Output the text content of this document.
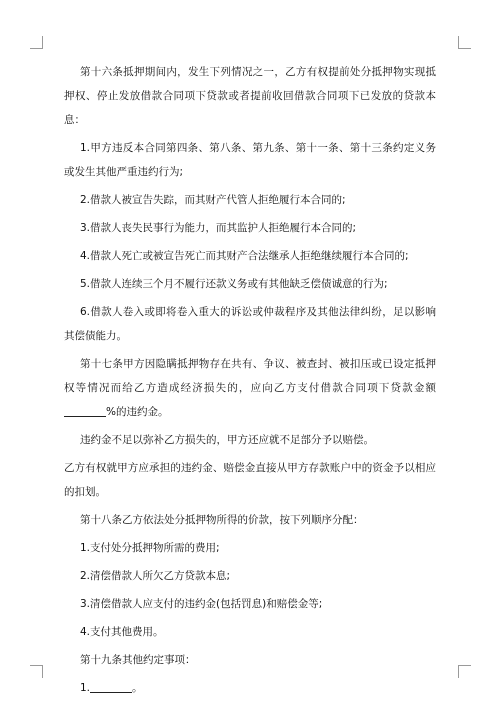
第十六条抵押期间内，发生下列情况之一，乙方有权提前处分抵押物实现抵押权、停止发放借款合同项下贷款或者提前收回借款合同项下已发放的贷款本息：

1.甲方违反本合同第四条、第八条、第九条、第十一条、第十三条约定义务或发生其他严重违约行为;

2.借款人被宣告失踪，而其财产代管人拒绝履行本合同的;

3.借款人丧失民事行为能力，而其监护人拒绝履行本合同的;

4.借款人死亡或被宣告死亡而其财产合法继承人拒绝继续履行本合同的;

5.借款人连续三个月不履行还款义务或有其他缺乏偿债诚意的行为;

6.借款人卷入或即将卷入重大的诉讼或仲裁程序及其他法律纠纷，足以影响其偿债能力。

第十七条甲方因隐瞒抵押物存在共有、争议、被查封、被扣压或已设定抵押权等情况而给乙方造成经济损失的，应向乙方支付借款合同项下贷款金额%的违约金。

违约金不足以弥补乙方损失的，甲方还应就不足部分予以赔偿。

乙方有权就甲方应承担的违约金、赔偿金直接从甲方存款账户中的资金予以相应的扣划。

第十八条乙方依法处分抵押物所得的价款，按下列顺序分配：

1.支付处分抵押物所需的费用;

2.清偿借款人所欠乙方贷款本息;

3.清偿借款人应支付的违约金(包括罚息)和赔偿金等;

4.支付其他费用。

第十九条其他约定事项：

1.	。
